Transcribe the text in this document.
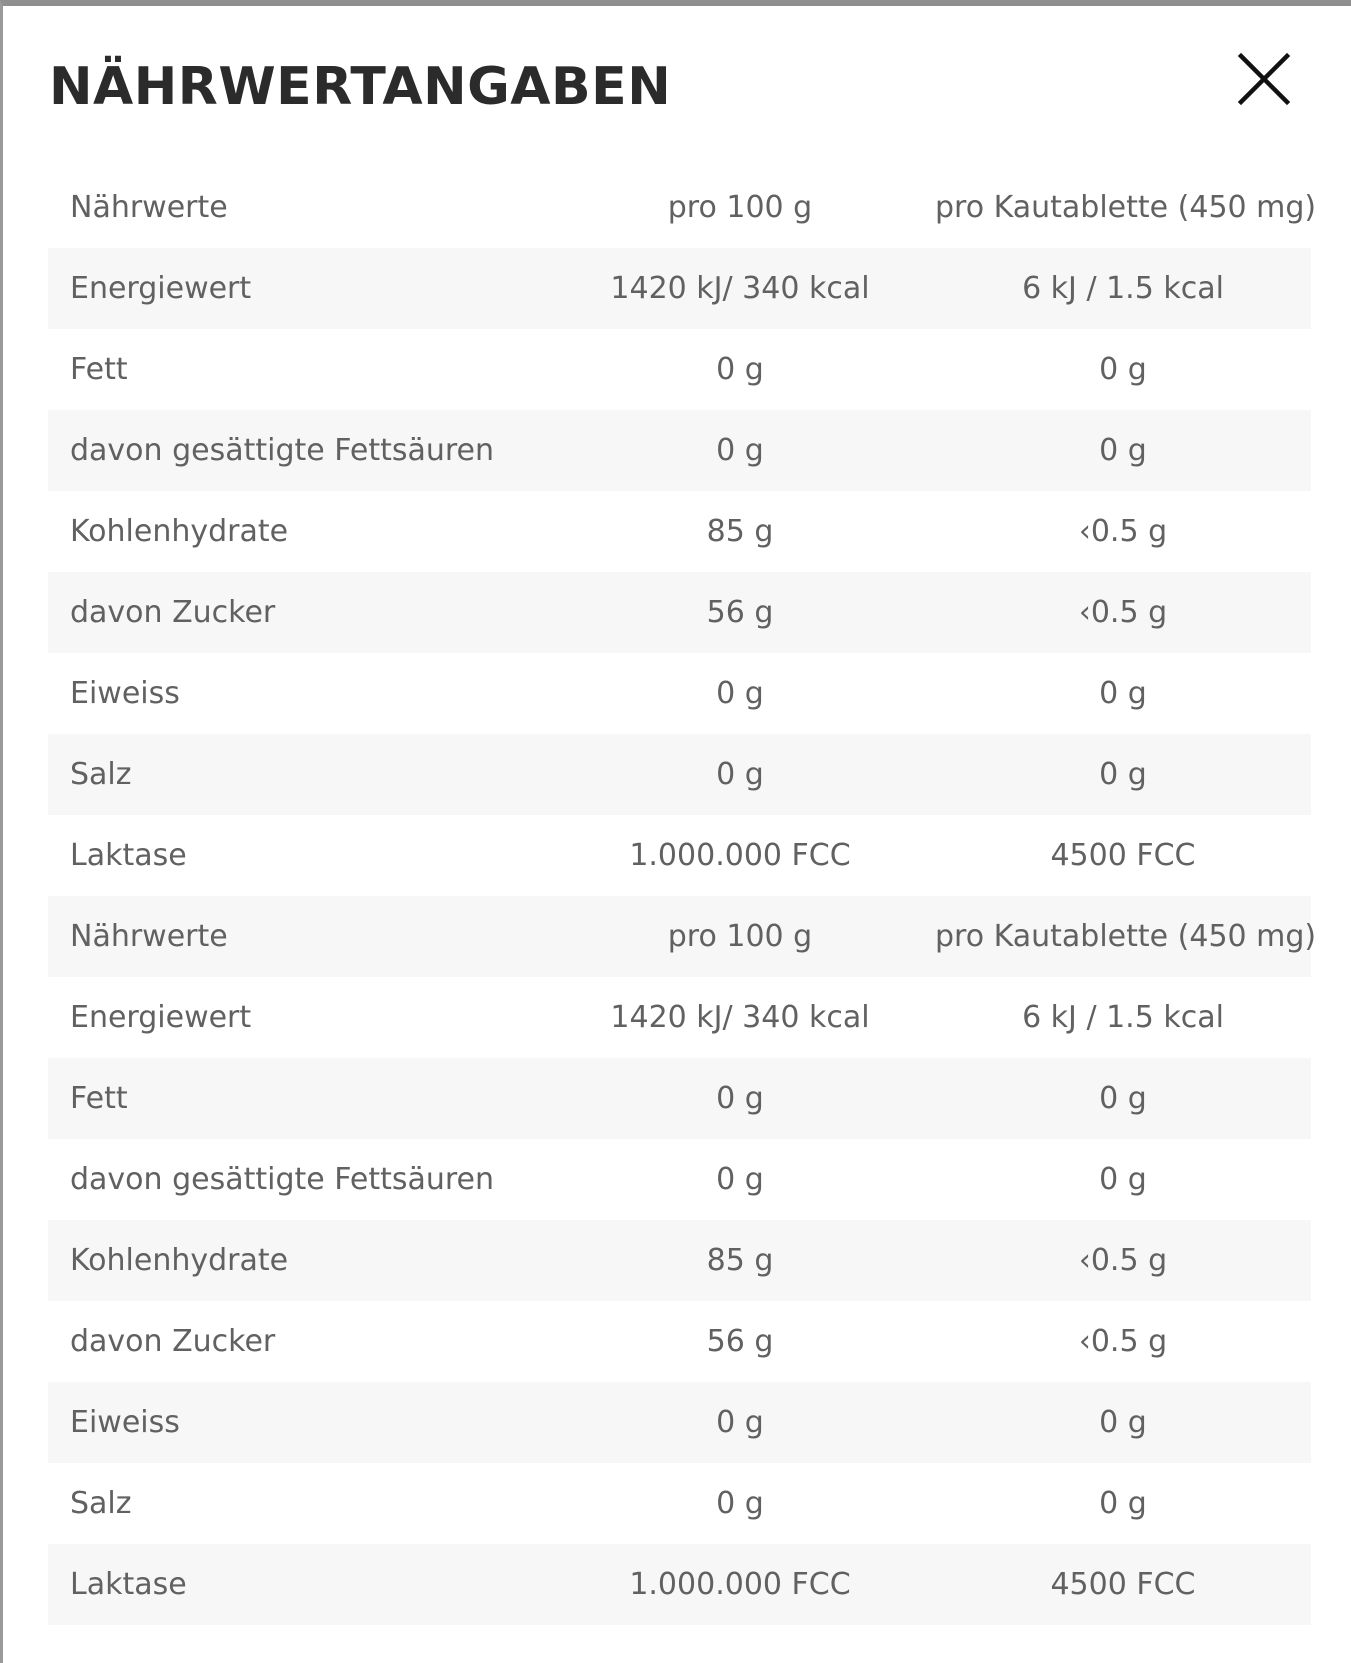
NÄHRWERTANGABEN
Nährwerte	pro 100 g	pro Kautablette (450 mg)
Energiewert	1420 kJ/ 340 kcal	6 kJ / 1.5 kcal
Fett	0 g	0 g
davon gesättigte Fettsäuren	0 g	0 g
Kohlenhydrate	85 g	‹0.5 g
davon Zucker	56 g	‹0.5 g
Eiweiss	0 g	0 g
Salz	0 g	0 g
Laktase	1.000.000 FCC	4500 FCC
Nährwerte	pro 100 g	pro Kautablette (450 mg)
Energiewert	1420 kJ/ 340 kcal	6 kJ / 1.5 kcal
Fett	0 g	0 g
davon gesättigte Fettsäuren	0 g	0 g
Kohlenhydrate	85 g	‹0.5 g
davon Zucker	56 g	‹0.5 g
Eiweiss	0 g	0 g
Salz	0 g	0 g
Laktase	1.000.000 FCC	4500 FCC
